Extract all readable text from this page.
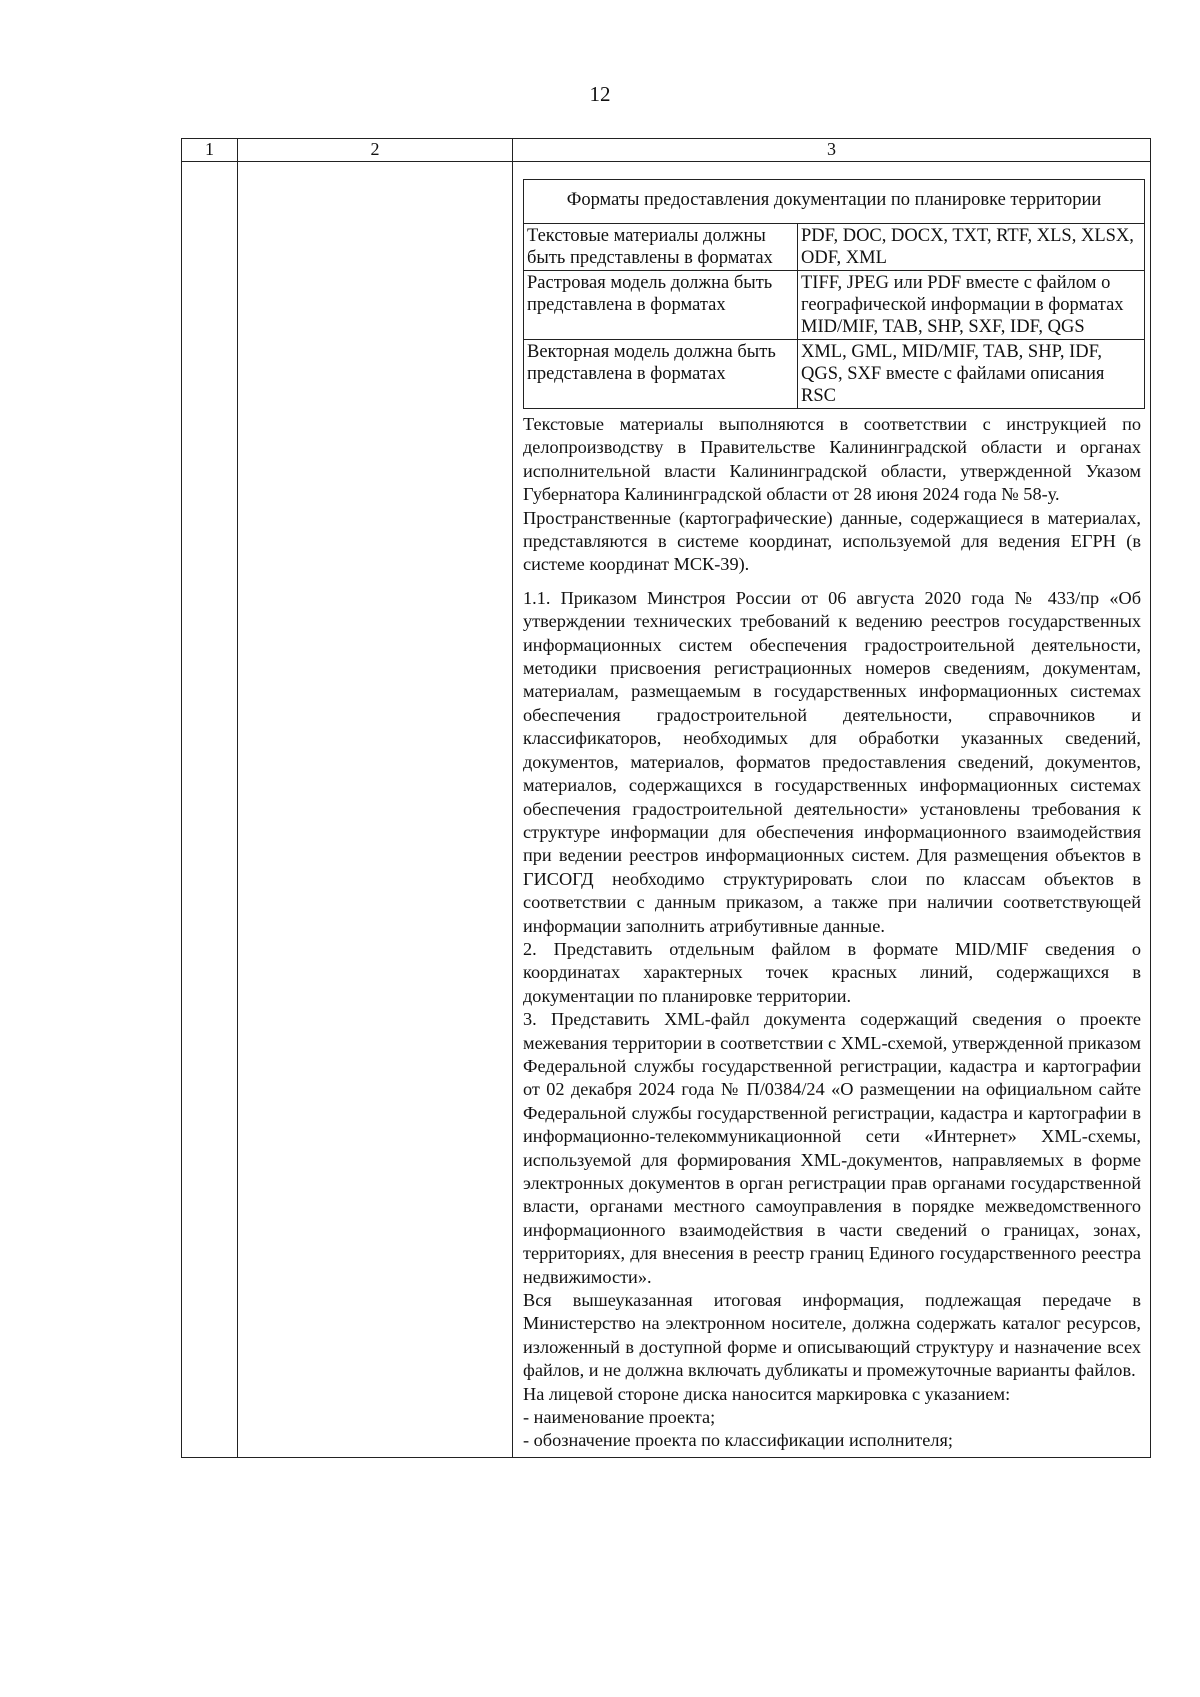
12
1	2	3

Форматы предоставления документации по планировке территории
Текстовые материалы должны быть представлены в форматах	PDF, DOC, DOCX, TXT, RTF, XLS, XLSX, ODF, XML
Растровая модель должна быть представлена в форматах	TIFF, JPEG или PDF вместе с файлом о географической информации в форматах MID/MIF, TAB, SHP, SXF, IDF, QGS
Векторная модель должна быть представлена в форматах	XML, GML, MID/MIF, TAB, SHP, IDF, QGS, SXF вместе с файлами описания RSC

Текстовые материалы выполняются в соответствии с инструкцией по делопроизводству в Правительстве Калининградской области и органах исполнительной власти Калининградской области, утвержденной Указом Губернатора Калининградской области от 28 июня 2024 года № 58-у.

Пространственные (картографические) данные, содержащиеся в материалах, представляются в системе координат, используемой для ведения ЕГРН (в системе координат МСК-39).

1.1. Приказом Минстроя России от 06 августа 2020 года № 433/пр «Об утверждении технических требований к ведению реестров государственных информационных систем обеспечения градостроительной деятельности, методики присвоения регистрационных номеров сведениям, документам, материалам, размещаемым в государственных информационных системах обеспечения градостроительной деятельности, справочников и классификаторов, необходимых для обработки указанных сведений, документов, материалов, форматов предоставления сведений, документов, материалов, содержащихся в государственных информационных системах обеспечения градостроительной деятельности» установлены требования к структуре информации для обеспечения информационного взаимодействия при ведении реестров информационных систем. Для размещения объектов в ГИСОГД необходимо структурировать слои по классам объектов в соответствии с данным приказом, а также при наличии соответствующей информации заполнить атрибутивные данные.

2. Представить отдельным файлом в формате MID/MIF сведения о координатах характерных точек красных линий, содержащихся в документации по планировке территории.

3. Представить XML-файл документа содержащий сведения о проекте межевания территории в соответствии с XML-схемой, утвержденной приказом Федеральной службы государственной регистрации, кадастра и картографии от 02 декабря 2024 года № П/0384/24 «О размещении на официальном сайте Федеральной службы государственной регистрации, кадастра и картографии в информационно-телекоммуникационной сети «Интернет» XML-схемы, используемой для формирования XML-документов, направляемых в форме электронных документов в орган регистрации прав органами государственной власти, органами местного самоуправления в порядке межведомственного информационного взаимодействия в части сведений о границах, зонах, территориях, для внесения в реестр границ Единого государственного реестра недвижимости».

Вся вышеуказанная итоговая информация, подлежащая передаче в Министерство на электронном носителе, должна содержать каталог ресурсов, изложенный в доступной форме и описывающий структуру и назначение всех файлов, и не должна включать дубликаты и промежуточные варианты файлов.

На лицевой стороне диска наносится маркировка с указанием:

- наименование проекта;

- обозначение проекта по классификации исполнителя;
